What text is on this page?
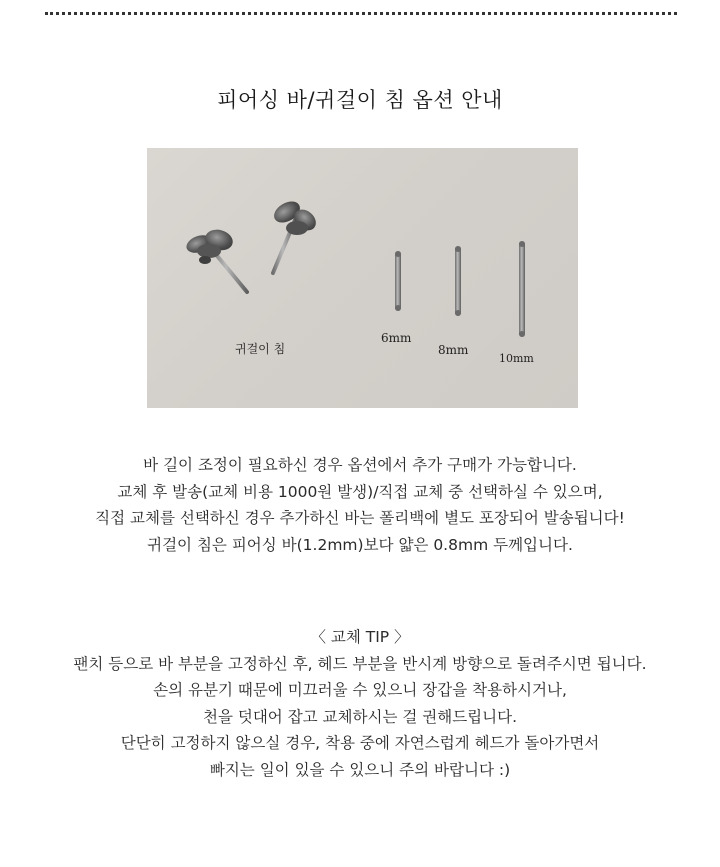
피어싱 바/귀걸이 침 옵션 안내
귀걸이 침
6mm
8mm
10mm

바 길이 조정이 필요하신 경우 옵션에서 추가 구매가 가능합니다.

교체 후 발송(교체 비용 1000원 발생)/직접 교체 중 선택하실 수 있으며,

직접 교체를 선택하신 경우 추가하신 바는 폴리백에 별도 포장되어 발송됩니다!

귀걸이 침은 피어싱 바(1.2mm)보다 얇은 0.8mm 두께입니다.

〈 교체 TIP 〉

팬치 등으로 바 부분을 고정하신 후, 헤드 부분을 반시계 방향으로 돌려주시면 됩니다.

손의 유분기 때문에 미끄러울 수 있으니 장갑을 착용하시거나,

천을 덧대어 잡고 교체하시는 걸 권해드립니다.

단단히 고정하지 않으실 경우, 착용 중에 자연스럽게 헤드가 돌아가면서

빠지는 일이 있을 수 있으니 주의 바랍니다 :)
